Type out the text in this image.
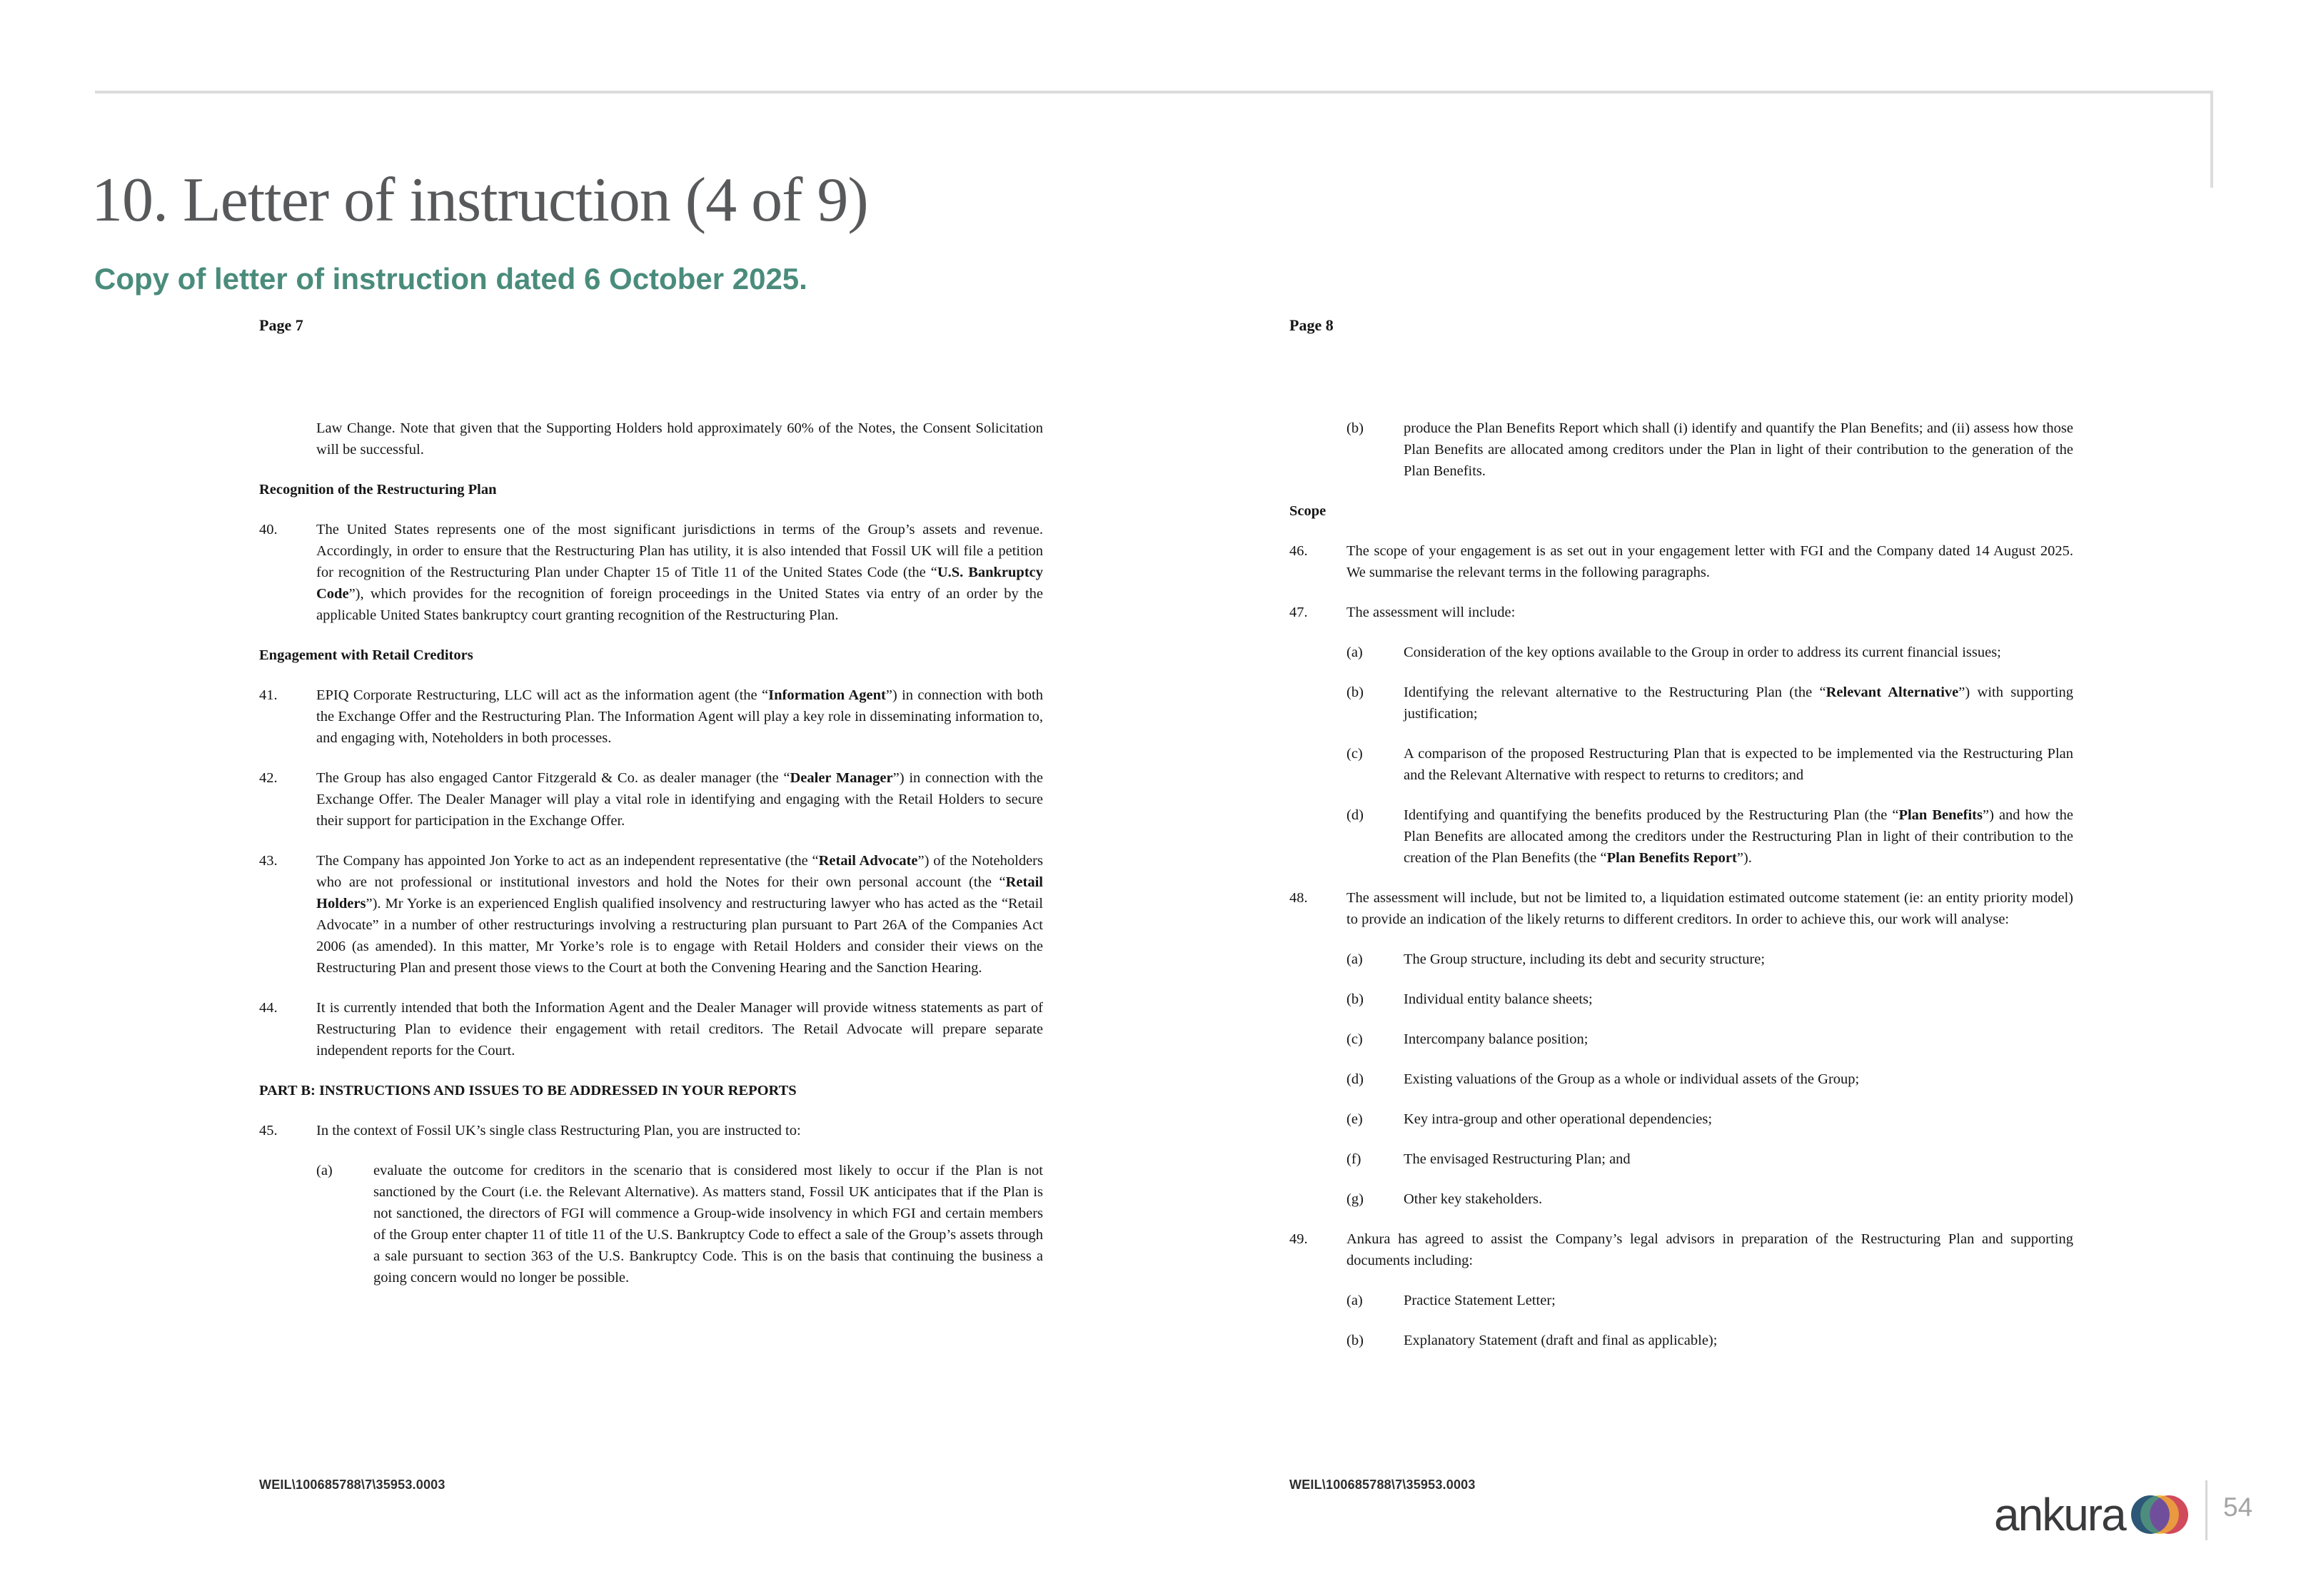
10. Letter of instruction (4 of 9)
Copy of letter of instruction dated 6 October 2025.
Page 7
Law Change. Note that given that the Supporting Holders hold approximately 60% of the Notes, the Consent Solicitation will be successful.
Recognition of the Restructuring Plan
40.	The United States represents one of the most significant jurisdictions in terms of the Group’s assets and revenue. Accordingly, in order to ensure that the Restructuring Plan has utility, it is also intended that Fossil UK will file a petition for recognition of the Restructuring Plan under Chapter 15 of Title 11 of the United States Code (the “U.S. Bankruptcy Code”), which provides for the recognition of foreign proceedings in the United States via entry of an order by the applicable United States bankruptcy court granting recognition of the Restructuring Plan.
Engagement with Retail Creditors
41.	EPIQ Corporate Restructuring, LLC will act as the information agent (the “Information Agent”) in connection with both the Exchange Offer and the Restructuring Plan. The Information Agent will play a key role in disseminating information to, and engaging with, Noteholders in both processes.
42.	The Group has also engaged Cantor Fitzgerald & Co. as dealer manager (the “Dealer Manager”) in connection with the Exchange Offer. The Dealer Manager will play a vital role in identifying and engaging with the Retail Holders to secure their support for participation in the Exchange Offer.
43.	The Company has appointed Jon Yorke to act as an independent representative (the “Retail Advocate”) of the Noteholders who are not professional or institutional investors and hold the Notes for their own personal account (the “Retail Holders”). Mr Yorke is an experienced English qualified insolvency and restructuring lawyer who has acted as the “Retail Advocate” in a number of other restructurings involving a restructuring plan pursuant to Part 26A of the Companies Act 2006 (as amended). In this matter, Mr Yorke’s role is to engage with Retail Holders and consider their views on the Restructuring Plan and present those views to the Court at both the Convening Hearing and the Sanction Hearing.
44.	It is currently intended that both the Information Agent and the Dealer Manager will provide witness statements as part of Restructuring Plan to evidence their engagement with retail creditors. The Retail Advocate will prepare separate independent reports for the Court.
PART B: INSTRUCTIONS AND ISSUES TO BE ADDRESSED IN YOUR REPORTS
45.	In the context of Fossil UK’s single class Restructuring Plan, you are instructed to:
(a)	evaluate the outcome for creditors in the scenario that is considered most likely to occur if the Plan is not sanctioned by the Court (i.e. the Relevant Alternative). As matters stand, Fossil UK anticipates that if the Plan is not sanctioned, the directors of FGI will commence a Group-wide insolvency in which FGI and certain members of the Group enter chapter 11 of title 11 of the U.S. Bankruptcy Code to effect a sale of the Group’s assets through a sale pursuant to section 363 of the U.S. Bankruptcy Code. This is on the basis that continuing the business a going concern would no longer be possible.
WEIL\100685788\7\35953.0003
Page 8
(b)	produce the Plan Benefits Report which shall (i) identify and quantify the Plan Benefits; and (ii) assess how those Plan Benefits are allocated among creditors under the Plan in light of their contribution to the generation of the Plan Benefits.
Scope
46.	The scope of your engagement is as set out in your engagement letter with FGI and the Company dated 14 August 2025. We summarise the relevant terms in the following paragraphs.
47.	The assessment will include:
(a)	Consideration of the key options available to the Group in order to address its current financial issues;
(b)	Identifying the relevant alternative to the Restructuring Plan (the “Relevant Alternative”) with supporting justification;
(c)	A comparison of the proposed Restructuring Plan that is expected to be implemented via the Restructuring Plan and the Relevant Alternative with respect to returns to creditors; and
(d)	Identifying and quantifying the benefits produced by the Restructuring Plan (the “Plan Benefits”) and how the Plan Benefits are allocated among the creditors under the Restructuring Plan in light of their contribution to the creation of the Plan Benefits (the “Plan Benefits Report”).
48.	The assessment will include, but not be limited to, a liquidation estimated outcome statement (ie: an entity priority model) to provide an indication of the likely returns to different creditors. In order to achieve this, our work will analyse:
(a)	The Group structure, including its debt and security structure;
(b)	Individual entity balance sheets;
(c)	Intercompany balance position;
(d)	Existing valuations of the Group as a whole or individual assets of the Group;
(e)	Key intra-group and other operational dependencies;
(f)	The envisaged Restructuring Plan; and
(g)	Other key stakeholders.
49.	Ankura has agreed to assist the Company’s legal advisors in preparation of the Restructuring Plan and supporting documents including:
(a)	Practice Statement Letter;
(b)	Explanatory Statement (draft and final as applicable);
WEIL\100685788\7\35953.0003
ankura	54
